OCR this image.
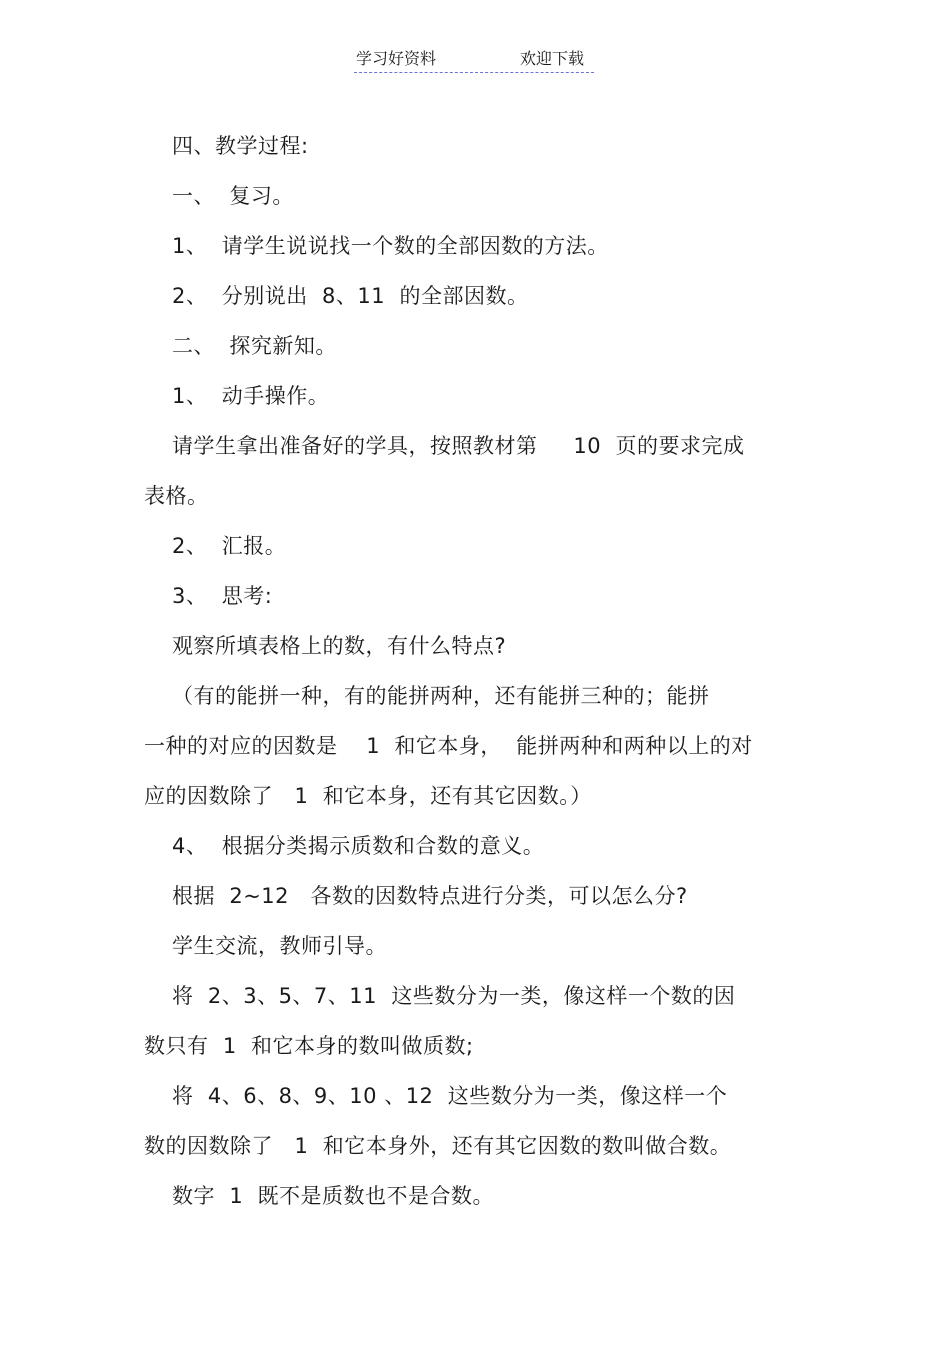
学习好资料	欢迎下载
四、教学过程:
一、  复习。
1、  请学生说说找一个数的全部因数的方法。
2、  分别说出  8、11  的全部因数。
二、  探究新知。
1、  动手操作。
请学生拿出准备好的学具，按照教材第     10  页的要求完成
表格。
2、  汇报。
3、  思考:
观察所填表格上的数，有什么特点?
（有的能拼一种，有的能拼两种，还有能拼三种的；能拼
一种的对应的因数是    1  和它本身，  能拼两种和两种以上的对
应的因数除了   1  和它本身，还有其它因数。）
4、  根据分类揭示质数和合数的意义。
根据  2~12   各数的因数特点进行分类，可以怎么分?
学生交流，教师引导。
将  2、3、5、7、11  这些数分为一类，像这样一个数的因
数只有  1  和它本身的数叫做质数;
将  4、6、8、9、10 、12  这些数分为一类，像这样一个
数的因数除了   1  和它本身外，还有其它因数的数叫做合数。
数字  1  既不是质数也不是合数。
